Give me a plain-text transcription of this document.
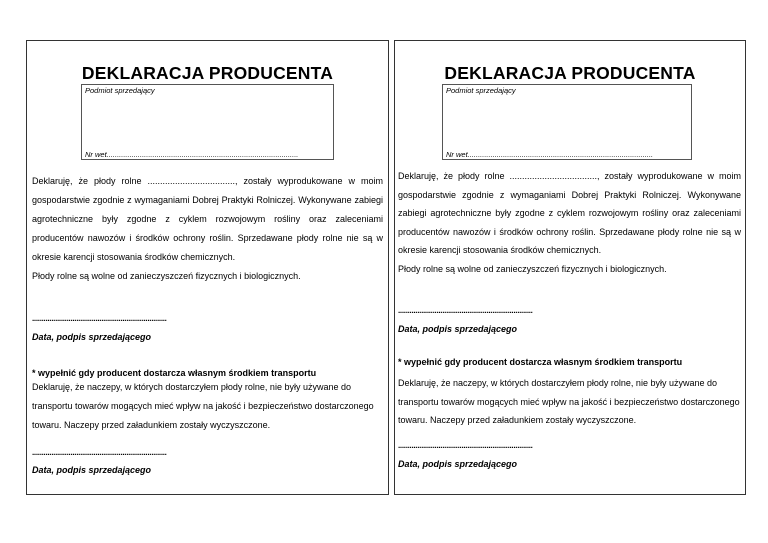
DEKLARACJA PRODUCENTA
Podmiot sprzedający
Nr wet............................................................................................

Deklaruję, że płody rolne ..................................., zostały wyprodukowane w moim gospodarstwie zgodnie z wymaganiami Dobrej Praktyki Rolniczej. Wykonywane zabiegi agrotechniczne były zgodne z cyklem rozwojowym rośliny oraz zaleceniami producentów nawozów i środków ochrony roślin. Sprzedawane płody rolne nie są w okresie karencji stosowania środków chemicznych.

Płody rolne są wolne od zanieczyszczeń fizycznych i biologicznych.

......................................................................
Data, podpis sprzedającego
* wypełnić gdy producent dostarcza własnym środkiem transportu
Deklaruję, że naczepy, w których dostarczyłem płody rolne, nie były używane do transportu towarów mogących mieć wpływ na jakość i bezpieczeństwo dostarczonego towaru. Naczepy przed załadunkiem zostały wyczyszczone.
......................................................................
Data, podpis sprzedającego
DEKLARACJA PRODUCENTA
Podmiot sprzedający
Nr wet.........................................................................................

Deklaruję, że płody rolne ..................................., zostały wyprodukowane w moim gospodarstwie zgodnie z wymaganiami Dobrej Praktyki Rolniczej. Wykonywane zabiegi agrotechniczne były zgodne z cyklem rozwojowym rośliny oraz zaleceniami producentów nawozów i środków ochrony roślin. Sprzedawane płody rolne nie są w okresie karencji stosowania środków chemicznych.

Płody rolne są wolne od zanieczyszczeń fizycznych i biologicznych.

......................................................................
Data, podpis sprzedającego
* wypełnić gdy producent dostarcza własnym środkiem transportu
Deklaruję, że naczepy, w których dostarczyłem płody rolne, nie były używane do transportu towarów mogących mieć wpływ na jakość i bezpieczeństwo dostarczonego towaru. Naczepy przed załadunkiem zostały wyczyszczone.
......................................................................
Data, podpis sprzedającego
